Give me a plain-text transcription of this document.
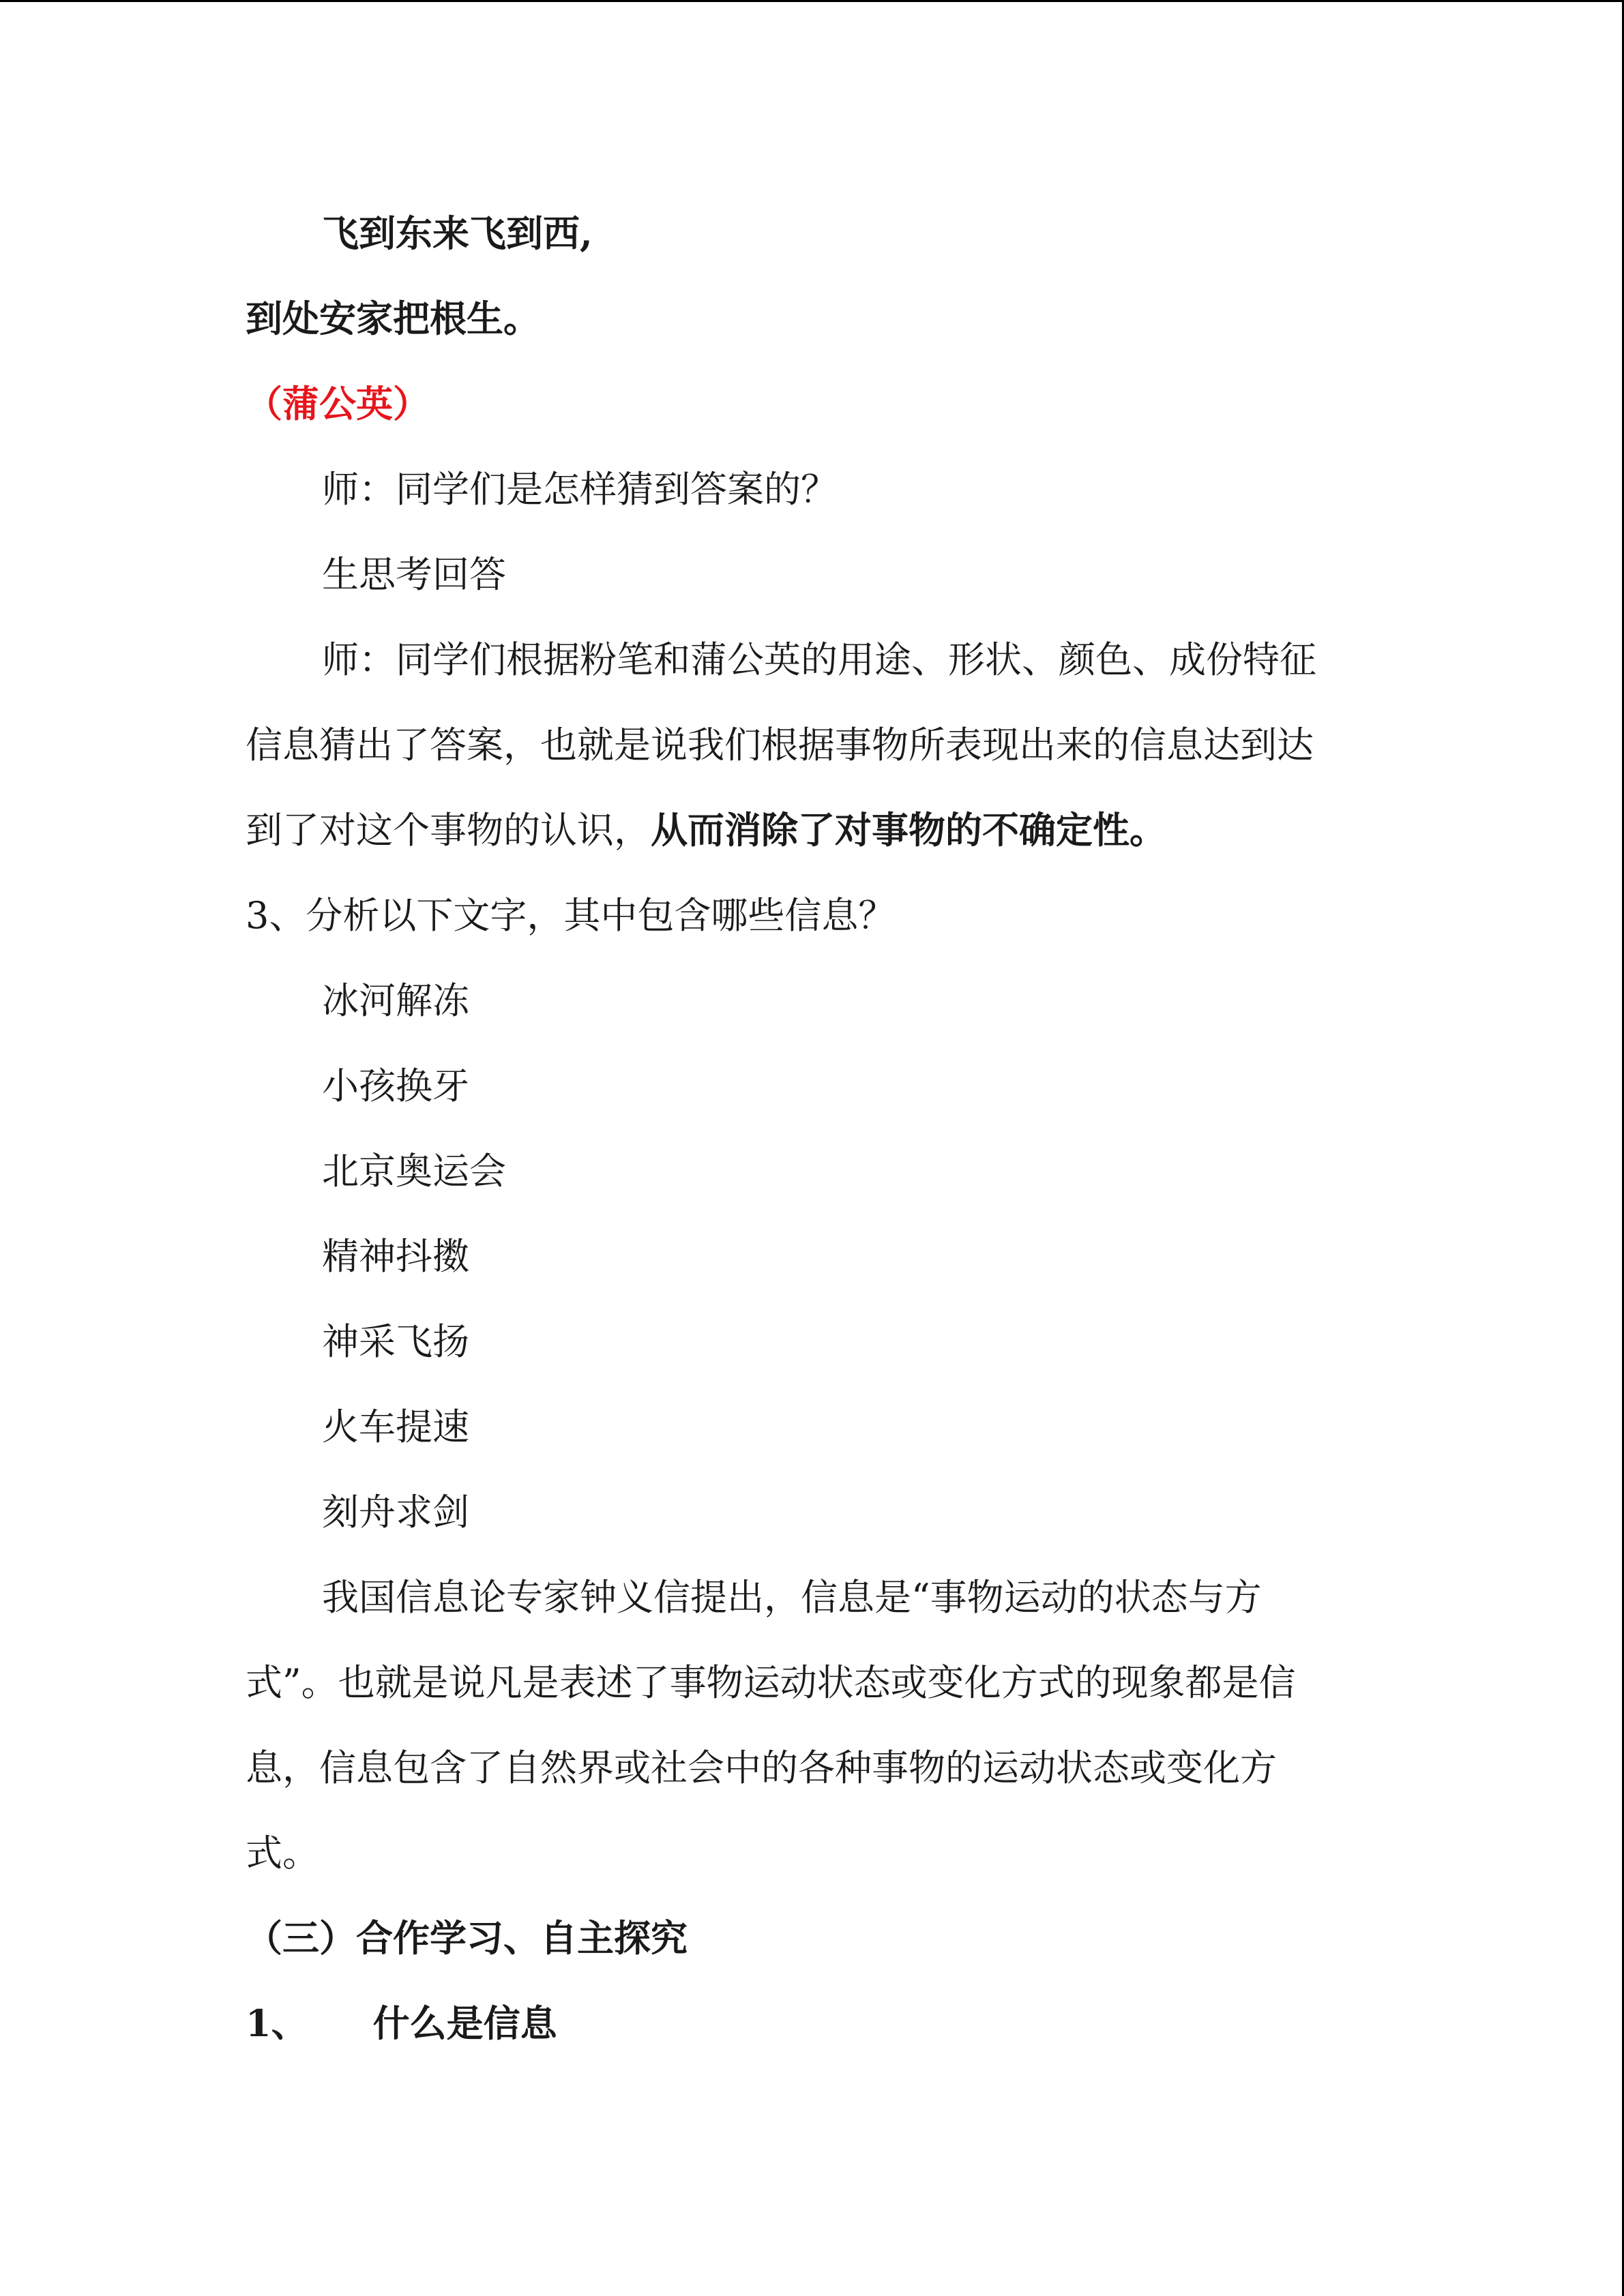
飞到东来飞到西,
到处安家把根生。
（蒲公英）
师：同学们是怎样猜到答案的？
生思考回答
师：同学们根据粉笔和蒲公英的用途、形状、颜色、成份特征
信息猜出了答案，也就是说我们根据事物所表现出来的信息达到达
到了对这个事物的认识，从而消除了对事物的不确定性。
3、分析以下文字，其中包含哪些信息？
冰河解冻
小孩换牙
北京奥运会
精神抖擞
神采飞扬
火车提速
刻舟求剑
我国信息论专家钟义信提出，信息是“事物运动的状态与方
式”。也就是说凡是表述了事物运动状态或变化方式的现象都是信
息，信息包含了自然界或社会中的各种事物的运动状态或变化方
式。
（三）合作学习、自主探究
1、 什么是信息
